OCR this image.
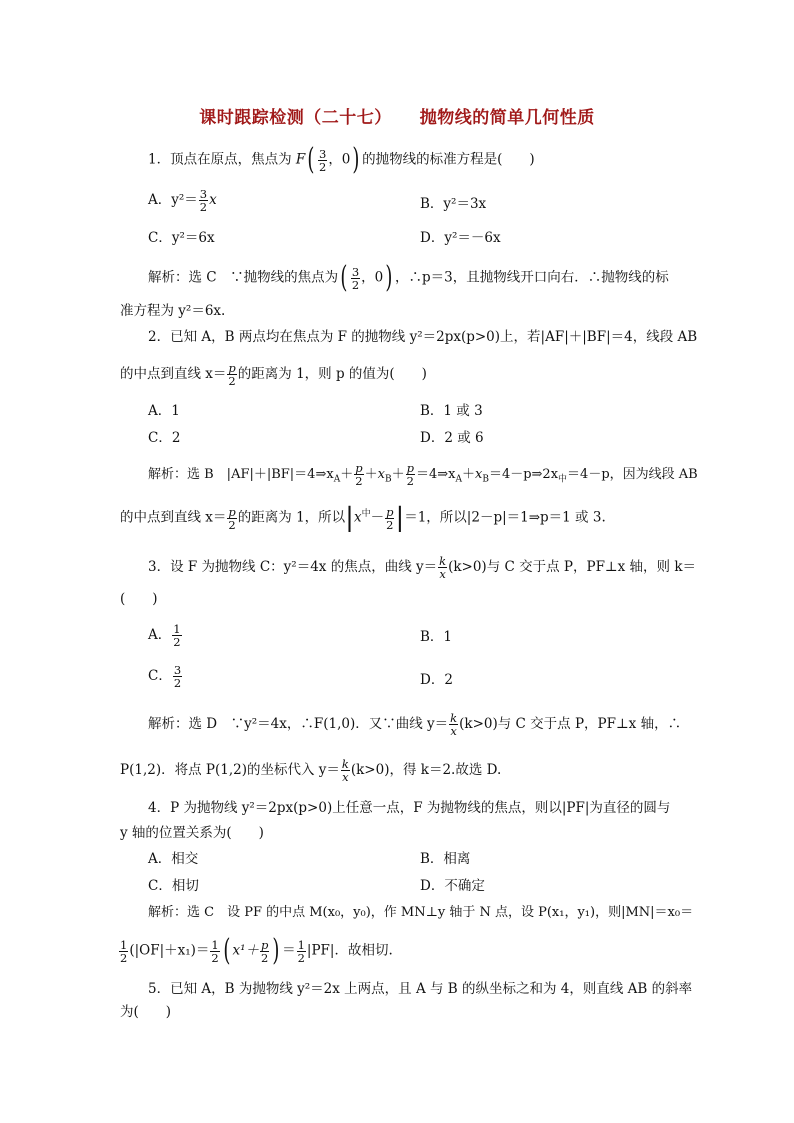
课时跟踪检测（二十七） 抛物线的简单几何性质
1．顶点在原点，焦点为 $F( \frac{3}{2}$ ，0) 的抛物线的标准方程是(　　)
A．$y^2= \frac{3}{2}$ x	B．y²＝3x
C．y²＝6x	D．y²＝－6x
解析：选 C　∵抛物线的焦点为( $\frac{3}{2}$ ，0) ，∴p＝3，且抛物线开口向右．∴抛物线的标
准方程为 y²＝6x.
2．已知 A，B 两点均在焦点为 F 的抛物线 y²＝2px(p>0)上，若|AF|＋|BF|＝4，线段 AB
的中点到直线 $x= \frac{p}{2}$ 的距离为 1，则 p 的值为(　　)
A．1	B．1 或 3
C．2	D．2 或 6
解析：选 B　$|AF|+|BF|=4\Rightarrow x_A+ \frac{p}{2} +x_B+ \frac{p}{2}$ $=4\Rightarrow x_A+x_B=4-p\Rightarrow 2x_中=4-p$，因为线段 AB
的中点到直线 $x= \frac{p}{2}$ 的距离为 1，所以$|x^中- \frac{p}{2} |=1$，所以|2－p|＝1⇒p＝1 或 3.
3．设 F 为抛物线 C：y²＝4x 的焦点，曲线 $y= \frac{k}{x} (k>0)$与 C 交于点 P，PF⊥x 轴，则 k＝
(　　)
A． $\frac{1}{2}$	B．1
C． $\frac{3}{2}$	D．2
解析：选 D　∵y²＝4x，∴F(1,0)．又∵曲线 $y= \frac{k}{x} (k>0)$与 C 交于点 P，PF⊥x 轴，∴
P(1,2)．将点 P(1,2)的坐标代入 $y= \frac{k}{x} (k>0)$，得 k＝2.故选 D.
4．P 为抛物线 y²＝2px(p>0)上任意一点，F 为抛物线的焦点，则以|PF|为直径的圆与
y 轴的位置关系为(　　)
A．相交	B．相离
C．相切	D．不确定
解析：选 C　设 PF 的中点 M(x₀，y₀)，作 MN⊥y 轴于 N 点，设 P(x₁，y₁)，则|MN|＝x₀＝
$\frac{1}{2} (|OF|+x_1)= \frac{1}{2}$ ( $x^1+ \frac{p}{2}$ ) ＝ $\frac{1}{2} |PF|$．故相切.
5．已知 A，B 为抛物线 y²＝2x 上两点，且 A 与 B 的纵坐标之和为 4，则直线 AB 的斜率
为(　　)
